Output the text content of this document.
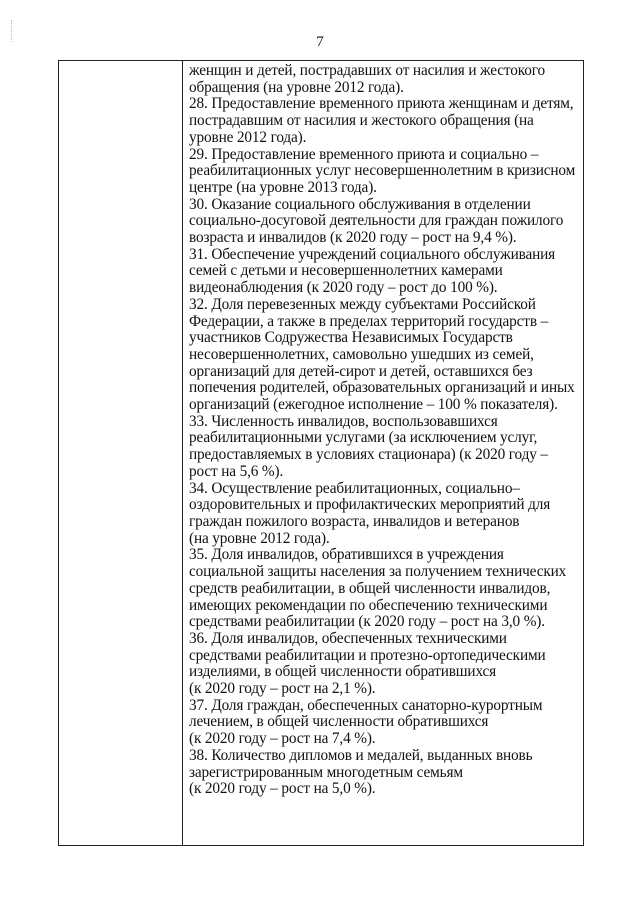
7
женщин и детей, пострадавших от насилия и жестокого
обращения (на уровне 2012 года).
28. Предоставление временного приюта женщинам и детям,
пострадавшим от насилия и жестокого обращения (на
уровне 2012 года).
29. Предоставление временного приюта и социально –
реабилитационных услуг несовершеннолетним в кризисном
центре (на уровне 2013 года).
30. Оказание социального обслуживания в отделении
социально-досуговой деятельности для граждан пожилого
возраста и инвалидов (к 2020 году – рост на 9,4 %).
31. Обеспечение учреждений социального обслуживания
семей с детьми и несовершеннолетних камерами
видеонаблюдения (к 2020 году – рост до 100 %).
32. Доля перевезенных между субъектами Российской
Федерации, а также в пределах территорий государств –
участников Содружества Независимых Государств
несовершеннолетних, самовольно ушедших из семей,
организаций для детей-сирот и детей, оставшихся без
попечения родителей, образовательных организаций и иных
организаций (ежегодное исполнение – 100 % показателя).
33. Численность инвалидов, воспользовавшихся
реабилитационными услугами (за исключением услуг,
предоставляемых в условиях стационара) (к 2020 году –
рост на 5,6 %).
34. Осуществление реабилитационных, социально–
оздоровительных и профилактических мероприятий для
граждан пожилого возраста, инвалидов и ветеранов
(на уровне 2012 года).
35. Доля инвалидов, обратившихся в учреждения
социальной защиты населения за получением технических
средств реабилитации, в общей численности инвалидов,
имеющих рекомендации по обеспечению техническими
средствами реабилитации (к 2020 году – рост на 3,0 %).
36. Доля инвалидов, обеспеченных техническими
средствами реабилитации и протезно-ортопедическими
изделиями, в общей численности обратившихся
(к 2020 году – рост на 2,1 %).
37. Доля граждан, обеспеченных санаторно-курортным
лечением, в общей численности обратившихся
(к 2020 году – рост на 7,4 %).
38. Количество дипломов и медалей, выданных вновь
зарегистрированным многодетным семьям
(к 2020 году – рост на 5,0 %).
